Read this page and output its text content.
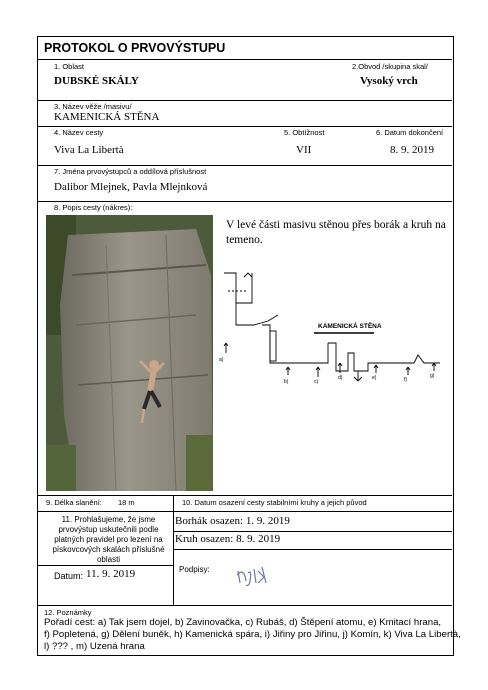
PROTOKOL O PRVOVÝSTUPU
1. Oblast
DUBSKÉ SKÁLY
2.Obvod /skupina skal/
Vysoký vrch
3. Název věže /masivu/
KAMENICKÁ STĚNA
4. Název cesty
Viva La Libertà
5. Obtížnost
VII
6. Datum dokončení
8. 9. 2019
7. Jména prvovýstupců a oddílová příslušnost
Dalibor Mlejnek, Pavla Mlejnková
8. Popis cesty (nákres):
V levé části masivu stěnou přes borák a kruh na
temeno.
KAMENICKÁ STĚNA
a)
b)	c)
d)	e)	f)
g)
9. Délka slanění: 18 m	10. Datum osazení cesty stabilními kruhy a jejich původ
11. Prohlašujeme, že jsme
prvovýstup uskutečnili podle
platných pravidel pro lezení na
pískovcových skalách příslušné
oblasti
Borhák osazen: 1. 9. 2019
Kruh osazen: 8. 9. 2019
Datum: 11. 9. 2019	Podpisy:
12. Poznámky
Pořadí cest: a) Tak jsem dojel, b) Zavinovačka, c) Rubáš, d) Štěpení atomu, e) Kmitací hrana,
f) Popletená, g) Dělení buněk, h) Kamenická spára, i) Jiřiny pro Jiřinu, j) Komín, k) Viva La Libertà,
l) ??? , m) Uzená hrana
